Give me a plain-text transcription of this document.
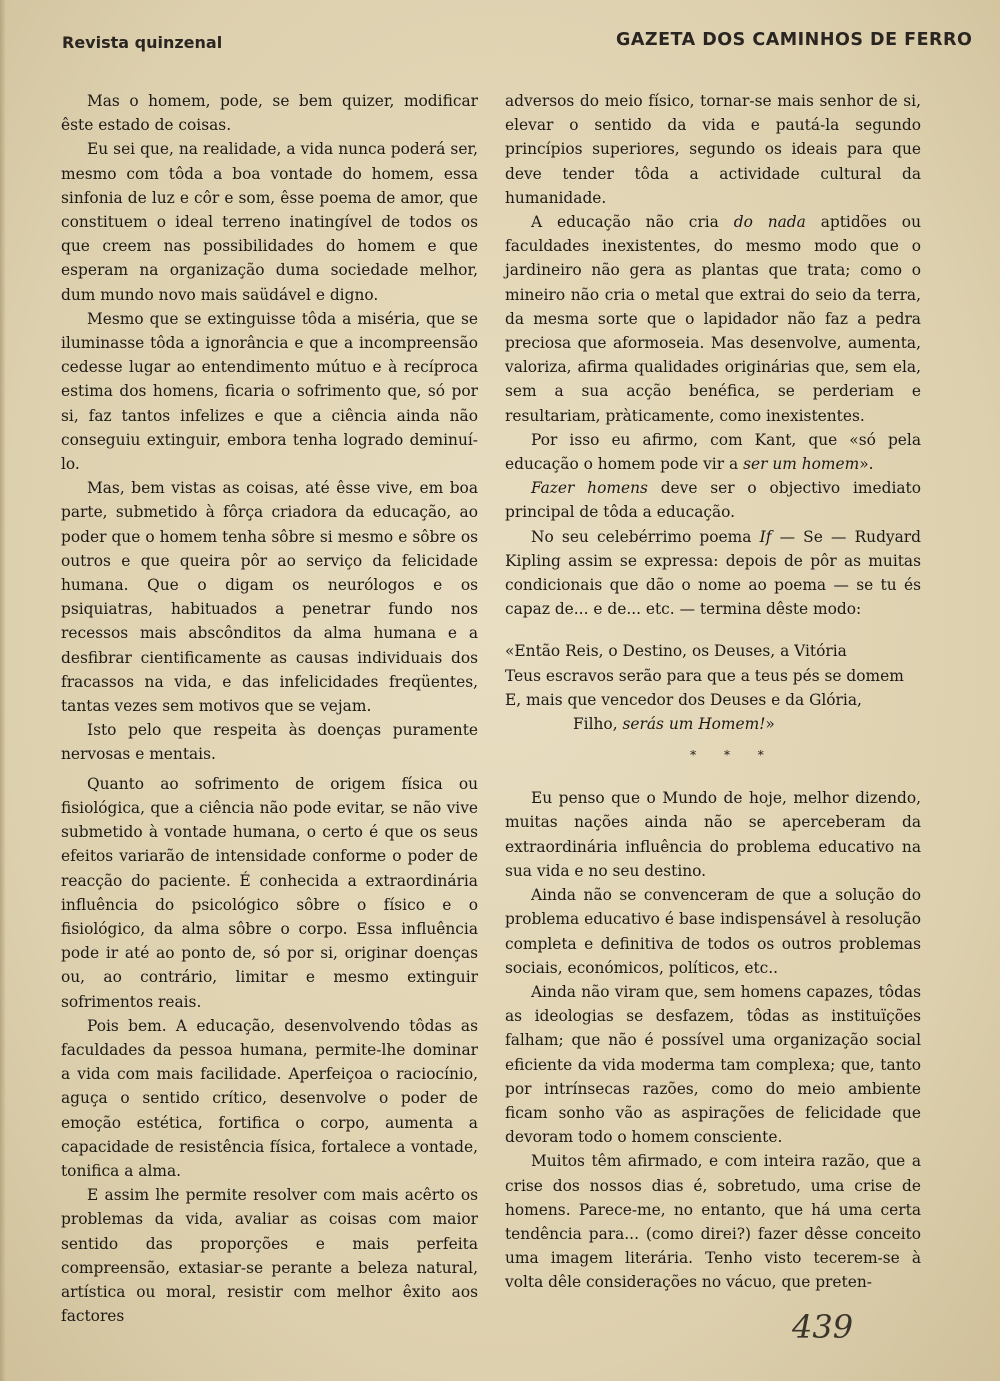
Revista quinzenal	GAZETA DOS CAMINHOS DE FERRO

Mas o homem, pode, se bem quizer, modificar êste estado de coisas.

Eu sei que, na realidade, a vida nunca poderá ser, mesmo com tôda a boa vontade do homem, essa sinfonia de luz e côr e som, êsse poema de amor, que constituem o ideal terreno inatingível de todos os que creem nas possibilidades do homem e que esperam na organização duma sociedade melhor, dum mundo novo mais saüdável e digno.

Mesmo que se extinguisse tôda a miséria, que se iluminasse tôda a ignorância e que a incompreensão cedesse lugar ao entendimento mútuo e à recíproca estima dos homens, ficaria o sofrimento que, só por si, faz tantos infelizes e que a ciência ainda não conseguiu extinguir, embora tenha logrado deminuí-lo.

Mas, bem vistas as coisas, até êsse vive, em boa parte, submetido à fôrça criadora da educação, ao poder que o homem tenha sôbre si mesmo e sôbre os outros e que queira pôr ao serviço da felicidade humana. Que o digam os neurólogos e os psiquiatras, habituados a penetrar fundo nos recessos mais abscônditos da alma humana e a desfibrar cientificamente as causas individuais dos fracassos na vida, e das infelicidades freqüentes, tantas vezes sem motivos que se vejam.

Isto pelo que respeita às doenças puramente nervosas e mentais.

Quanto ao sofrimento de origem física ou fisiológica, que a ciência não pode evitar, se não vive submetido à vontade humana, o certo é que os seus efeitos variarão de intensidade conforme o poder de reacção do paciente. É conhecida a extraordinária influência do psicológico sôbre o físico e o fisiológico, da alma sôbre o corpo. Essa influência pode ir até ao ponto de, só por si, originar doenças ou, ao contrário, limitar e mesmo extinguir sofrimentos reais.

Pois bem. A educação, desenvolvendo tôdas as faculdades da pessoa humana, permite-lhe dominar a vida com mais facilidade. Aperfeiçoa o raciocínio, aguça o sentido crítico, desenvolve o poder de emoção estética, fortifica o corpo, aumenta a capacidade de resistência física, fortalece a vontade, tonifica a alma.

E assim lhe permite resolver com mais acêrto os problemas da vida, avaliar as coisas com maior sentido das proporções e mais perfeita compreensão, extasiar-se perante a beleza natural, artística ou moral, resistir com melhor êxito aos factores

adversos do meio físico, tornar-se mais senhor de si, elevar o sentido da vida e pautá-la segundo princípios superiores, segundo os ideais para que deve tender tôda a actividade cultural da humanidade.

A educação não cria do nada aptidões ou faculdades inexistentes, do mesmo modo que o jardineiro não gera as plantas que trata; como o mineiro não cria o metal que extrai do seio da terra, da mesma sorte que o lapidador não faz a pedra preciosa que aformoseia. Mas desenvolve, aumenta, valoriza, afirma qualidades originárias que, sem ela, sem a sua acção benéfica, se perderiam e resultariam, pràticamente, como inexistentes.

Por isso eu afirmo, com Kant, que «só pela educação o homem pode vir a ser um homem».

Fazer homens deve ser o objectivo imediato principal de tôda a educação.

No seu celebérrimo poema If — Se — Rudyard Kipling assim se expressa: depois de pôr as muitas condicionais que dão o nome ao poema — se tu és capaz de... e de... etc. — termina dêste modo:

«Então Reis, o Destino, os Deuses, a Vitória
Teus escravos serão para que a teus pés se domem
E, mais que vencedor dos Deuses e da Glória,
Filho, serás um Homem!»
* * *

Eu penso que o Mundo de hoje, melhor dizendo, muitas nações ainda não se aperceberam da extraordinária influência do problema educativo na sua vida e no seu destino.

Ainda não se convenceram de que a solução do problema educativo é base indispensável à resolução completa e definitiva de todos os outros problemas sociais, económicos, políticos, etc..

Ainda não viram que, sem homens capazes, tôdas as ideologias se desfazem, tôdas as instituïções falham; que não é possível uma organização social eficiente da vida moderma tam complexa; que, tanto por intrínsecas razões, como do meio ambiente ficam sonho vão as aspirações de felicidade que devoram todo o homem consciente.

Muitos têm afirmado, e com inteira razão, que a crise dos nossos dias é, sobretudo, uma crise de homens. Parece-me, no entanto, que há uma certa tendência para... (como direi?) fazer dêsse conceito uma imagem literária. Tenho visto tecerem-se à volta dêle considerações no vácuo, que preten-

439
